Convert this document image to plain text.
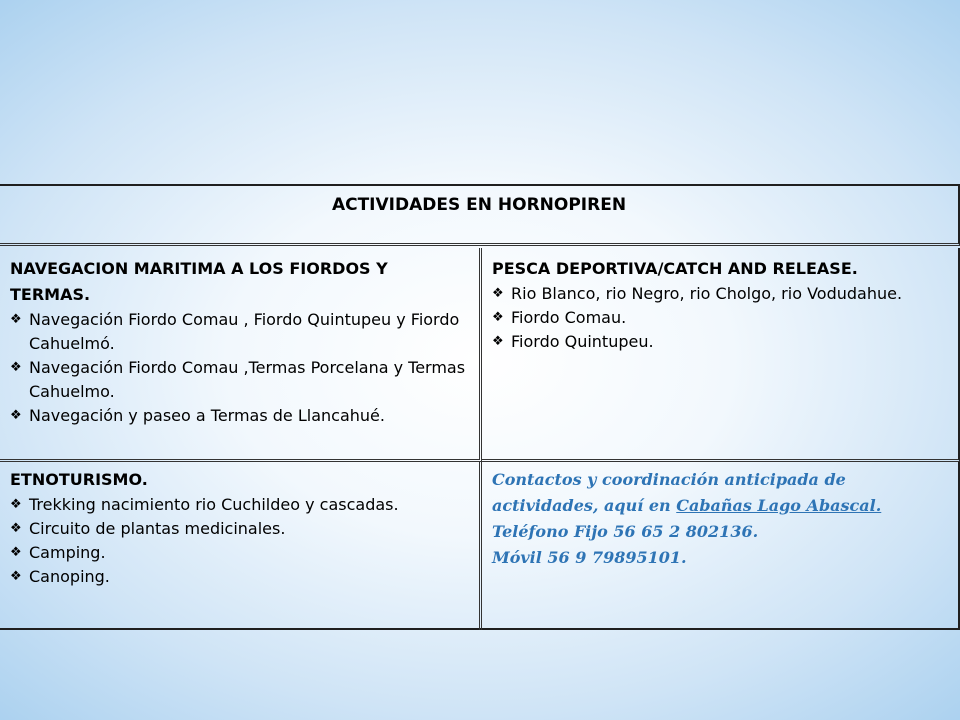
ACTIVIDADES EN HORNOPIREN

NAVEGACION MARITIMA A LOS FIORDOS Y TERMAS.

❖ Navegación Fiordo Comau , Fiordo Quintupeu y Fiordo Cahuelmó.
❖ Navegación Fiordo Comau ,Termas Porcelana y Termas Cahuelmo.
❖ Navegación y paseo a Termas de Llancahué.

PESCA DEPORTIVA/CATCH AND RELEASE.

❖ Rio Blanco, rio Negro, rio Cholgo, rio Vodudahue.
❖ Fiordo Comau.
❖ Fiordo Quintupeu.

ETNOTURISMO.

❖ Trekking nacimiento rio Cuchildeo y cascadas.
❖ Circuito de plantas medicinales.
❖ Camping.
❖ Canoping.

Contactos y coordinación anticipada de actividades, aquí en Cabañas Lago Abascal.

Teléfono Fijo 56 65 2 802136.

Móvil 56 9 79895101.
